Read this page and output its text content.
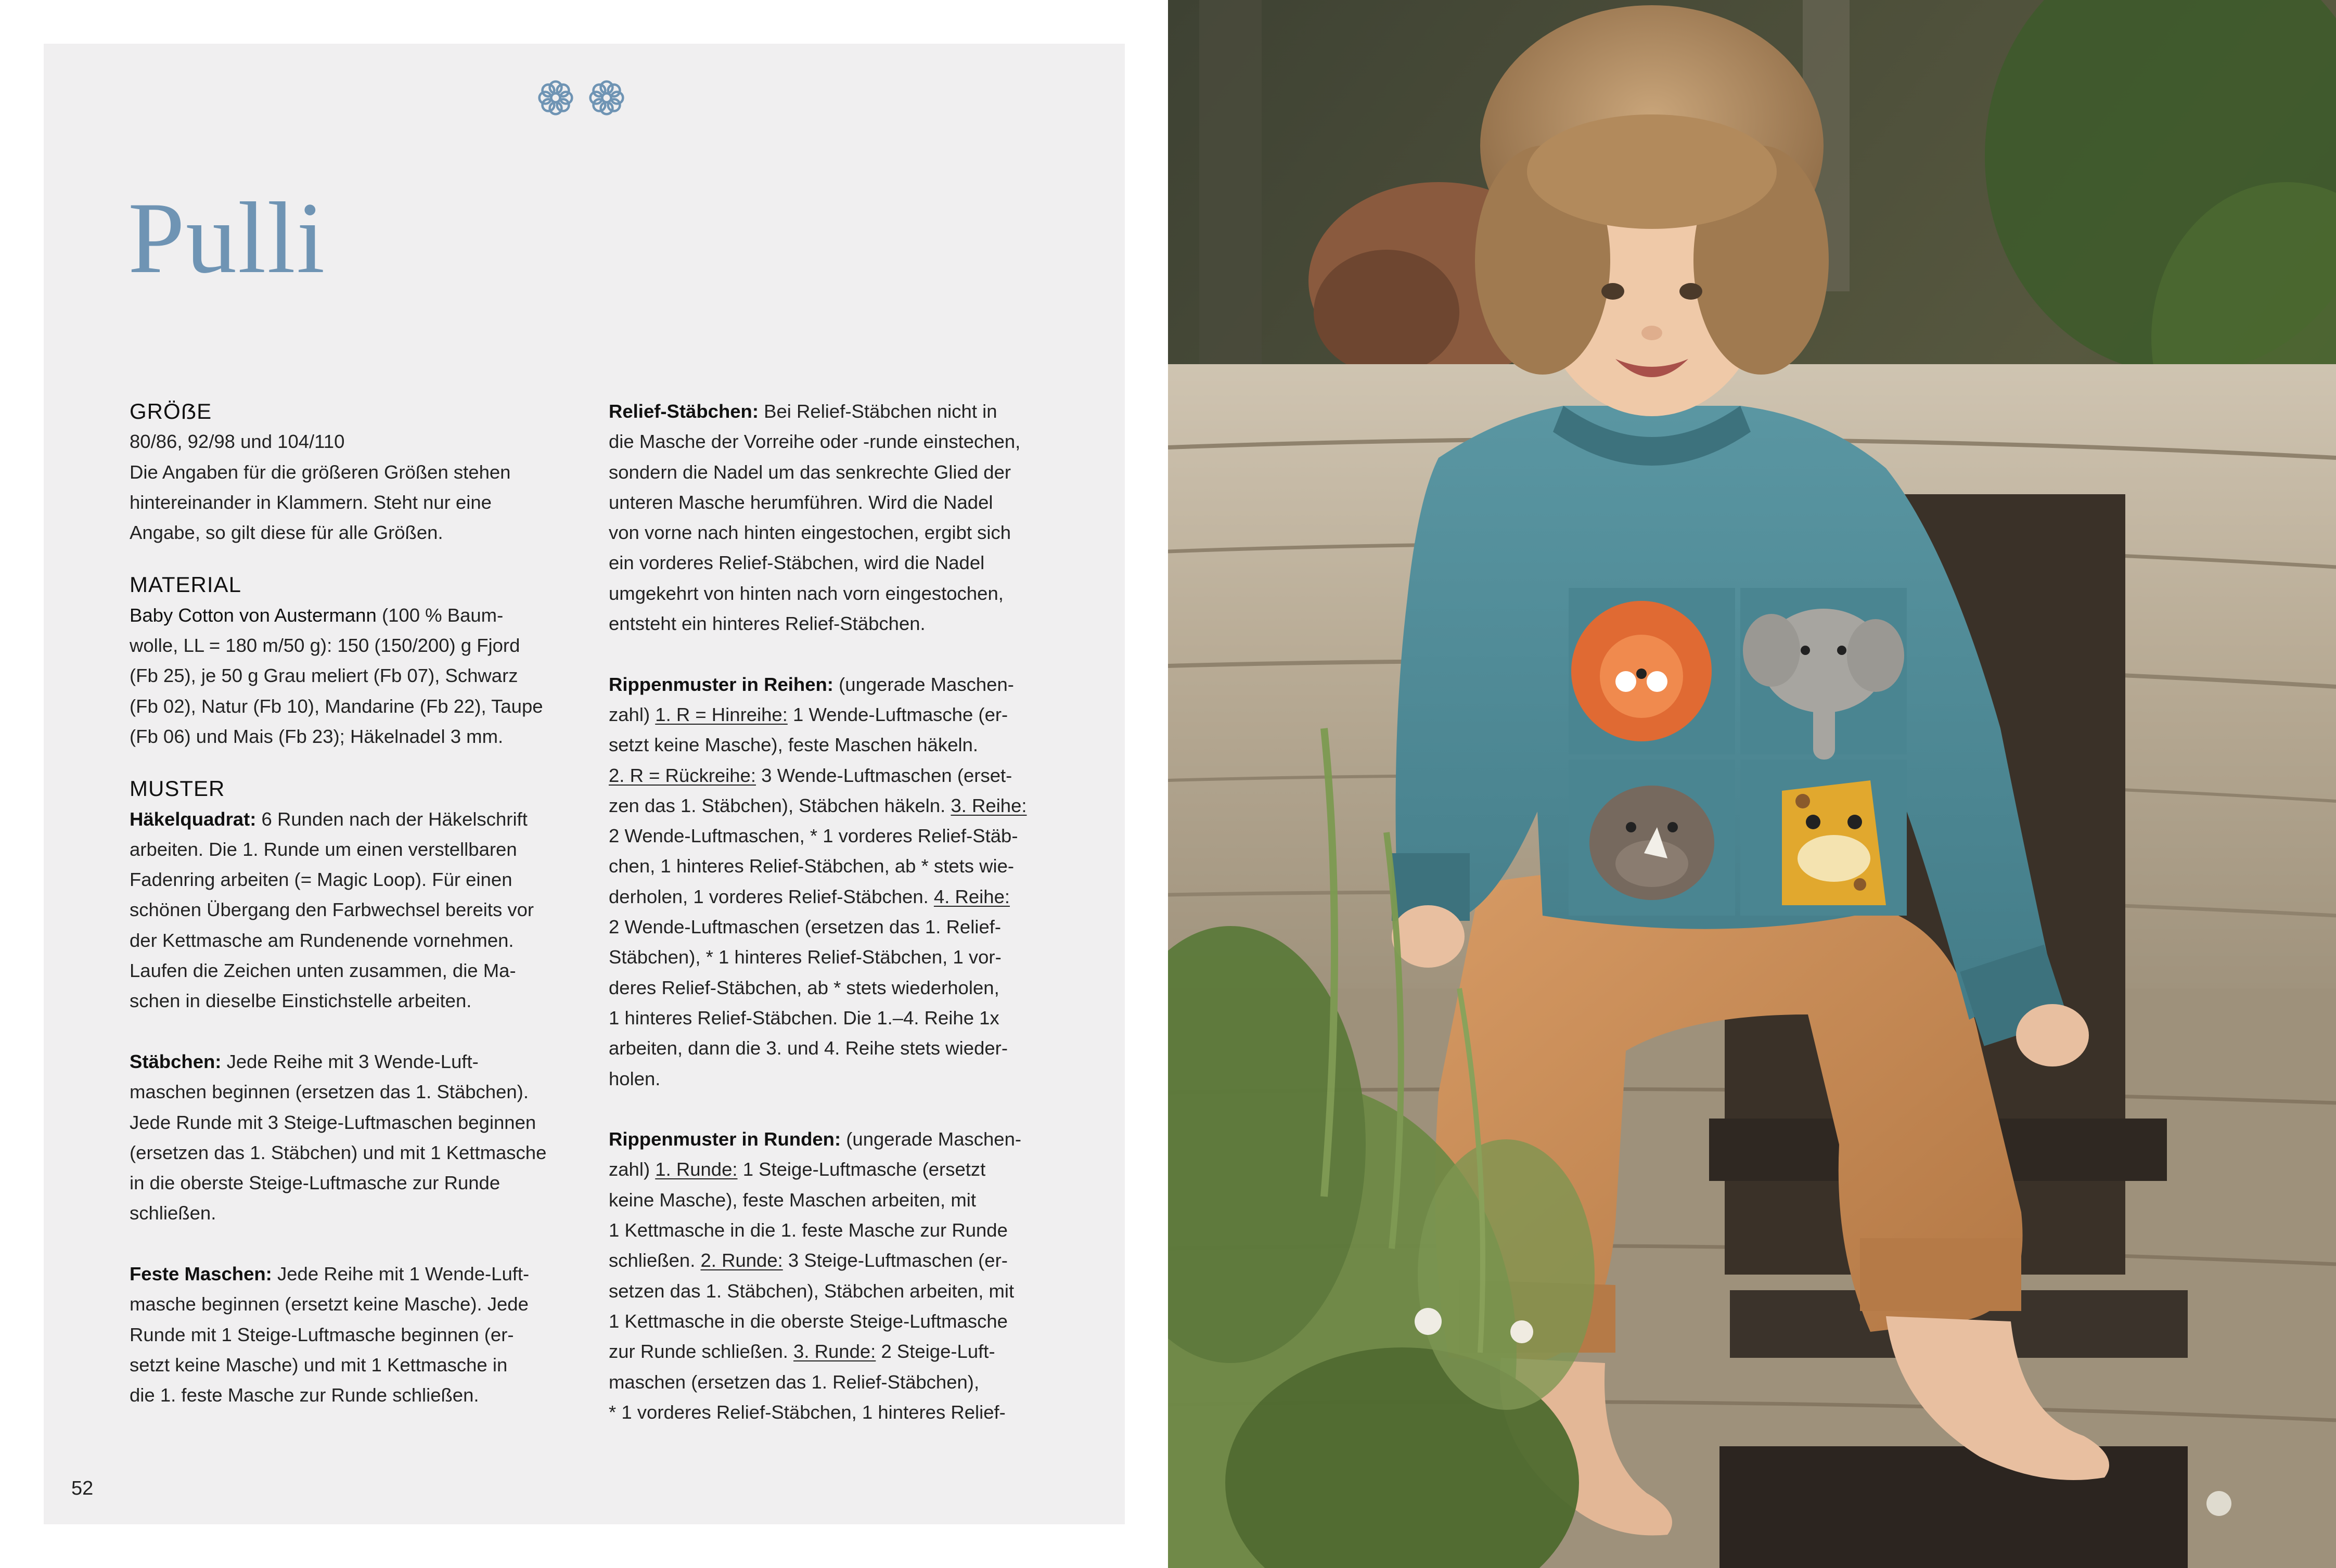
Pulli
GRÖẞE

80/86, 92/98 und 104/110

Die Angaben für die größeren Größen stehen

hintereinander in Klammern. Steht nur eine

Angabe, so gilt diese für alle Größen.

MATERIAL

Baby Cotton von Austermann (100 % Baum-

wolle, LL = 180 m/50 g): 150 (150/200) g Fjord

(Fb 25), je 50 g Grau meliert (Fb 07), Schwarz

(Fb 02), Natur (Fb 10), Mandarine (Fb 22), Taupe

(Fb 06) und Mais (Fb 23); Häkelnadel 3 mm.

MUSTER

Häkelquadrat: 6 Runden nach der Häkelschrift

arbeiten. Die 1. Runde um einen verstellbaren

Fadenring arbeiten (= Magic Loop). Für einen

schönen Übergang den Farbwechsel bereits vor

der Kettmasche am Rundenende vornehmen.

Laufen die Zeichen unten zusammen, die Ma-

schen in dieselbe Einstichstelle arbeiten.

Stäbchen: Jede Reihe mit 3 Wende-Luft-

maschen beginnen (ersetzen das 1. Stäbchen).

Jede Runde mit 3 Steige-Luftmaschen beginnen

(ersetzen das 1. Stäbchen) und mit 1 Kettmasche

in die oberste Steige-Luftmasche zur Runde

schließen.

Feste Maschen: Jede Reihe mit 1 Wende-Luft-

masche beginnen (ersetzt keine Masche). Jede

Runde mit 1 Steige-Luftmasche beginnen (er-

setzt keine Masche) und mit 1 Kettmasche in

die 1. feste Masche zur Runde schließen.

Relief-Stäbchen: Bei Relief-Stäbchen nicht in

die Masche der Vorreihe oder -runde einstechen,

sondern die Nadel um das senkrechte Glied der

unteren Masche herumführen. Wird die Nadel

von vorne nach hinten eingestochen, ergibt sich

ein vorderes Relief-Stäbchen, wird die Nadel

umgekehrt von hinten nach vorn eingestochen,

entsteht ein hinteres Relief-Stäbchen.

Rippenmuster in Reihen: (ungerade Maschen-

zahl) 1. R = Hinreihe: 1 Wende-Luftmasche (er-

setzt keine Masche), feste Maschen häkeln.

2. R = Rückreihe: 3 Wende-Luftmaschen (erset-

zen das 1. Stäbchen), Stäbchen häkeln. 3. Reihe:

2 Wende-Luftmaschen, * 1 vorderes Relief-Stäb-

chen, 1 hinteres Relief-Stäbchen, ab * stets wie-

derholen, 1 vorderes Relief-Stäbchen. 4. Reihe:

2 Wende-Luftmaschen (ersetzen das 1. Relief-

Stäbchen), * 1 hinteres Relief-Stäbchen, 1 vor-

deres Relief-Stäbchen, ab * stets wiederholen,

1 hinteres Relief-Stäbchen. Die 1.–4. Reihe 1x

arbeiten, dann die 3. und 4. Reihe stets wieder-

holen.

Rippenmuster in Runden: (ungerade Maschen-

zahl) 1. Runde: 1 Steige-Luftmasche (ersetzt

keine Masche), feste Maschen arbeiten, mit

1 Kettmasche in die 1. feste Masche zur Runde

schließen. 2. Runde: 3 Steige-Luftmaschen (er-

setzen das 1. Stäbchen), Stäbchen arbeiten, mit

1 Kettmasche in die oberste Steige-Luftmasche

zur Runde schließen. 3. Runde: 2 Steige-Luft-

maschen (ersetzen das 1. Relief-Stäbchen),

* 1 vorderes Relief-Stäbchen, 1 hinteres Relief-

52
